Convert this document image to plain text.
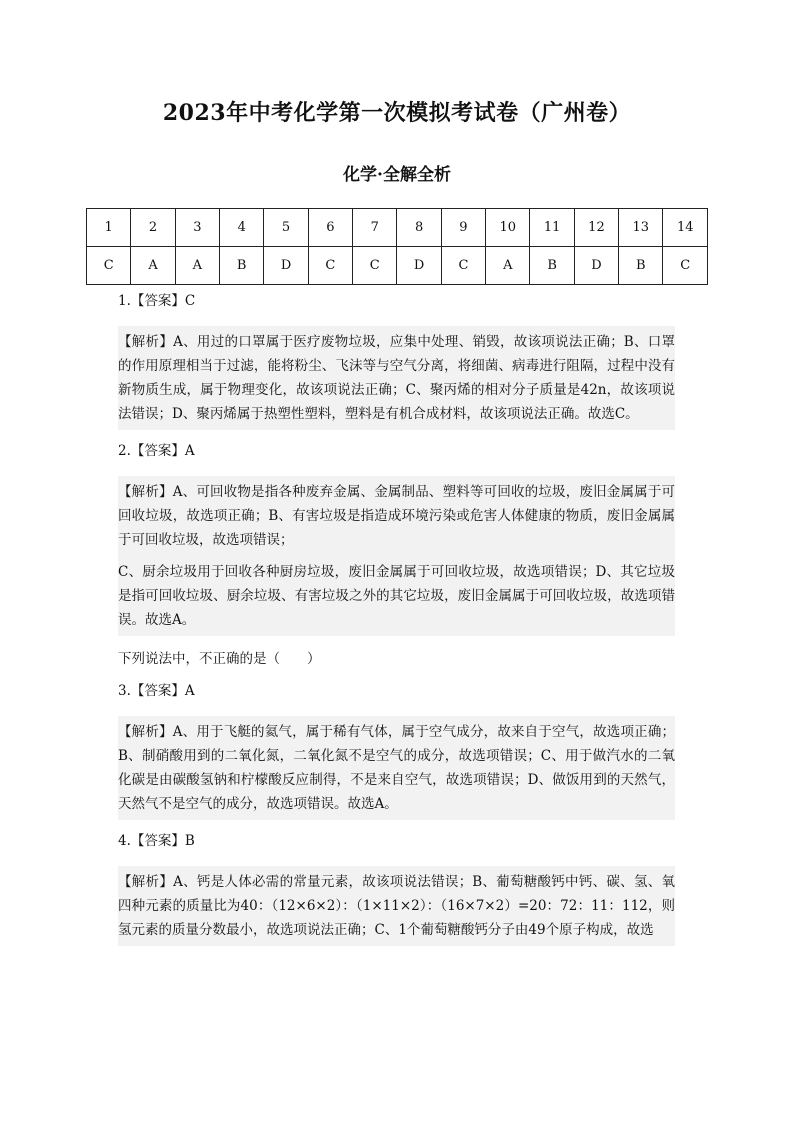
2023年中考化学第一次模拟考试卷（广州卷）
化学·全解全析
1	2	3	4	5	6	7	8	9	10	11	12	13	14
C	A	A	B	D	C	C	D	C	A	B	D	B	C
1.【答案】C

【解析】A、用过的口罩属于医疗废物垃圾，应集中处理、销毁，故该项说法正确；B、口罩的作用原理相当于过滤，能将粉尘、飞沫等与空气分离，将细菌、病毒进行阻隔，过程中没有新物质生成，属于物理变化，故该项说法正确；C、聚丙烯的相对分子质量是42n，故该项说法错误；D、聚丙烯属于热塑性塑料，塑料是有机合成材料，故该项说法正确。故选C。

2.【答案】A

【解析】A、可回收物是指各种废弃金属、金属制品、塑料等可回收的垃圾，废旧金属属于可回收垃圾，故选项正确；B、有害垃圾是指造成环境污染或危害人体健康的物质，废旧金属属于可回收垃圾，故选项错误；

C、厨余垃圾用于回收各种厨房垃圾，废旧金属属于可回收垃圾，故选项错误；D、其它垃圾是指可回收垃圾、厨余垃圾、有害垃圾之外的其它垃圾，废旧金属属于可回收垃圾，故选项错误。故选A。

下列说法中，不正确的是（　　）
3.【答案】A

【解析】A、用于飞艇的氦气，属于稀有气体，属于空气成分，故来自于空气，故选项正确；B、制硝酸用到的二氧化氮，二氧化氮不是空气的成分，故选项错误；C、用于做汽水的二氧化碳是由碳酸氢钠和柠檬酸反应制得，不是来自空气，故选项错误；D、做饭用到的天然气，天然气不是空气的成分，故选项错误。故选A。

4.【答案】B

【解析】A、钙是人体必需的常量元素，故该项说法错误；B、葡萄糖酸钙中钙、碳、氢、氧四种元素的质量比为40：（12×6×2）：（1×11×2）：（16×7×2）=20：72：11：112，则氢元素的质量分数最小，故选项说法正确；C、1个葡萄糖酸钙分子由49个原子构成，故选
